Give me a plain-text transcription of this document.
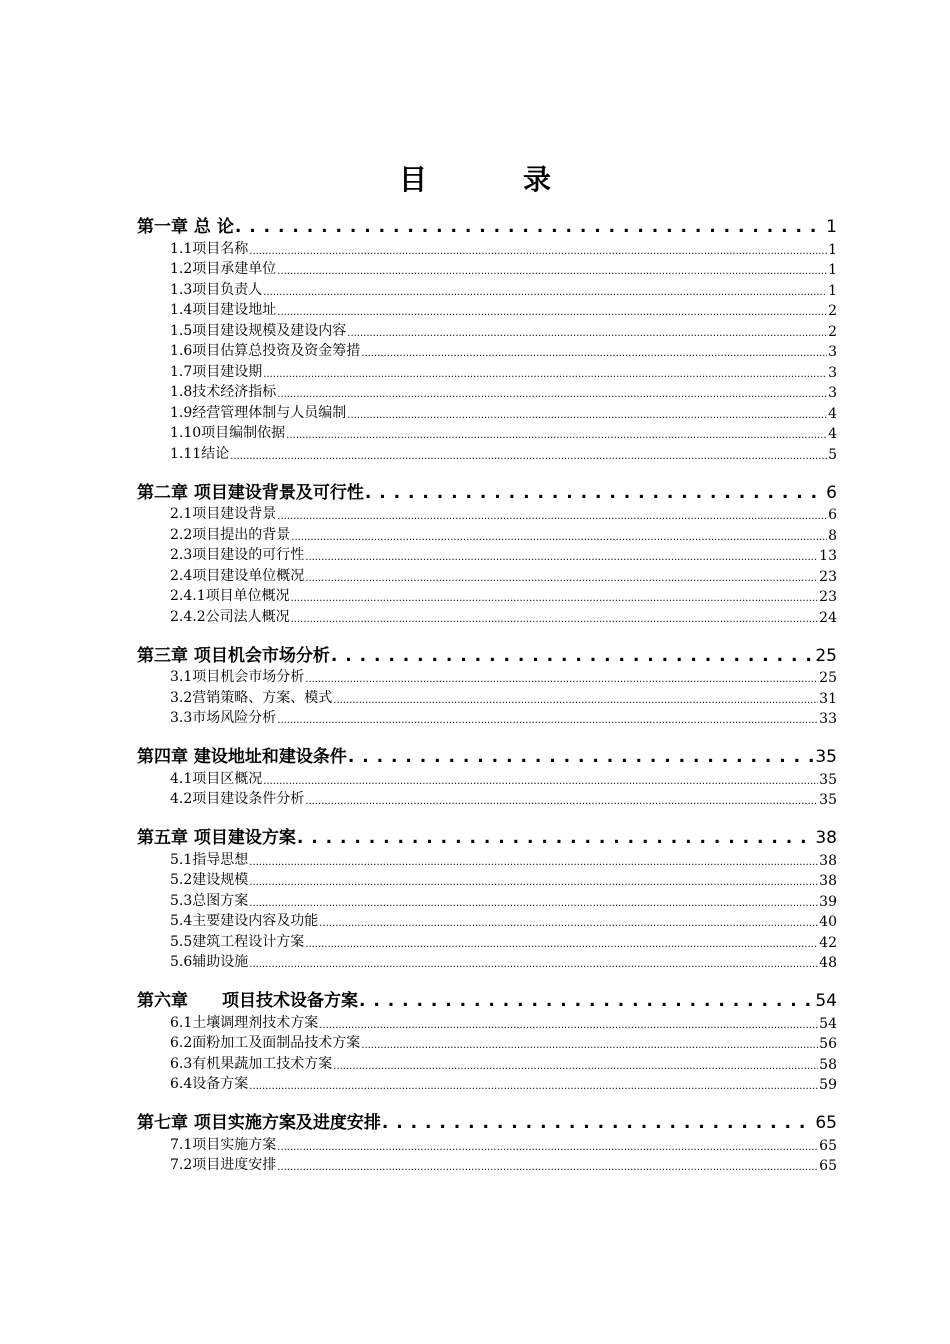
目　录
第一章 总 论 . . .	1
1.1项目名称 .....	1
1.2项目承建单位 .....	1
1.3项目负责人 .....	1
1.4项目建设地址 .....	2
1.5项目建设规模及建设内容 .....	2
1.6项目估算总投资及资金筹措 .....	3
1.7项目建设期 .....	3
1.8技术经济指标 .....	3
1.9经营管理体制与人员编制 .....	4
1.10项目编制依据 .....	4
1.11结论 .....	5
第二章 项目建设背景及可行性 . . .	6
2.1项目建设背景 .....	6
2.2项目提出的背景 .....	8
2.3项目建设的可行性 .....	13
2.4项目建设单位概况 .....	23
2.4.1项目单位概况 .....	23
2.4.2公司法人概况 .....	24
第三章 项目机会市场分析 . . .	25
3.1项目机会市场分析 .....	25
3.2营销策略、方案、模式 .....	31
3.3市场风险分析 .....	33
第四章 建设地址和建设条件 . . .	35
4.1项目区概况 .....	35
4.2项目建设条件分析 .....	35
第五章 项目建设方案 . . .	38
5.1指导思想 .....	38
5.2建设规模 .....	38
5.3总图方案 .....	39
5.4主要建设内容及功能 .....	40
5.5建筑工程设计方案 .....	42
5.6辅助设施 .....	48
第六章　　项目技术设备方案 . . .	54
6.1土壤调理剂技术方案 .....	54
6.2面粉加工及面制品技术方案 .....	56
6.3有机果蔬加工技术方案 .....	58
6.4设备方案 .....	59
第七章 项目实施方案及进度安排 . . .	65
7.1项目实施方案 .....	65
7.2项目进度安排 .....	65
